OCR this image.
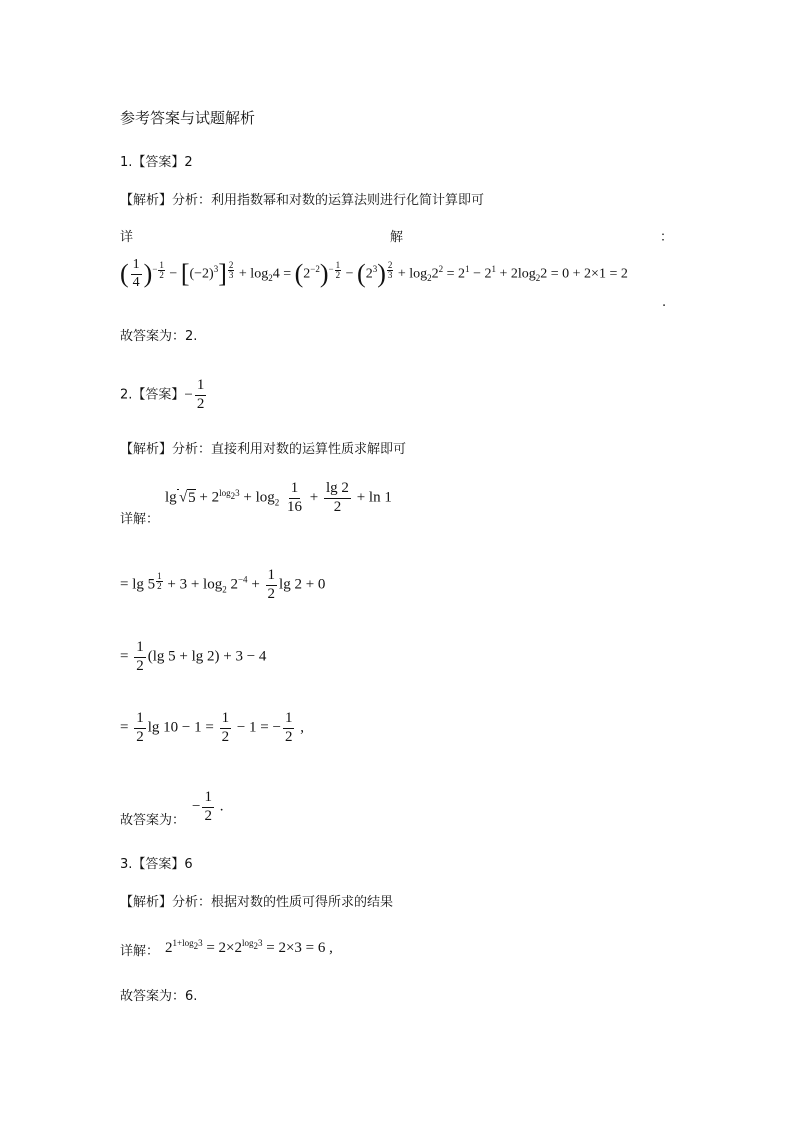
参考答案与试题解析
1.【答案】2
【解析】分析：利用指数幂和对数的运算法则进行化简计算即可
详	解	：
( $\frac{1}{4} )^{- \frac{1}{2}} - [(-2)^3] ^{\frac{2}{3}} + \log_24 = (2^{-2})^{- \frac{1}{2}} - (2^3)$ $^{\frac{2}{3}} + \log_22^2 = 2^1 - 2^1 + 2\log_22 = 0 + 2\times 1 = 2$
.
故答案为：2.
2.【答案】− $\frac{1}{2}$
【解析】分析：直接利用对数的运算性质求解即可
详解：
lg  $√5 + 2^{log_23} + \log_2 \frac{1}{16} + \frac{\lg 2}{2} + \ln 1$
= lg 5 $^{\frac{1}{2}} + 3 + \log_2 2^{-4} + \frac{1}{2}$ lg 2 + 0
= $\frac{1}{2} (\lg$ 5 + lg 2) + 3 − 4
= $\frac{1}{2}$ $\lg 10 - 1 = \frac{1}{2} - 1$ = − $\frac{1}{2}$ ,
故答案为：
− $\frac{1}{2}$ .
3.【答案】6
【解析】分析：根据对数的性质可得所求的结果
详解： $2^{1+log_23} = 2\times 2^{log_23} = 2\times 3 = 6$ ,
故答案为：6.
